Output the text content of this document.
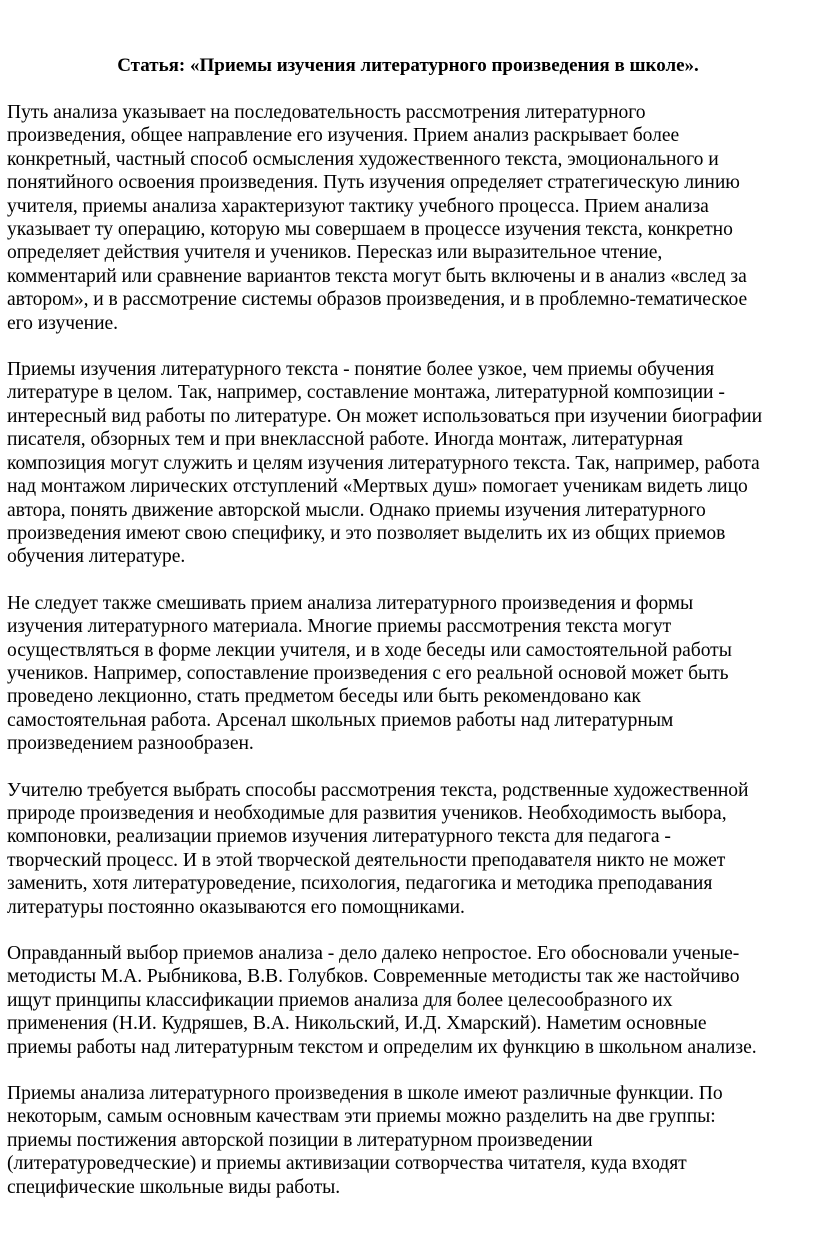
Статья: «Приемы изучения литературного произведения в школе».
Путь анализа указывает на последовательность рассмотрения литературного
произведения, общее направление его изучения. Прием анализ раскрывает более
конкретный, частный способ осмысления художественного текста, эмоционального и
понятийного освоения произведения. Путь изучения определяет стратегическую линию
учителя, приемы анализа характеризуют тактику учебного процесса. Прием анализа
указывает ту операцию, которую мы совершаем в процессе изучения текста, конкретно
определяет действия учителя и учеников. Пересказ или выразительное чтение,
комментарий или сравнение вариантов текста могут быть включены и в анализ «вслед за
автором», и в рассмотрение системы образов произведения, и в проблемно-тематическое
его изучение.
Приемы изучения литературного текста - понятие более узкое, чем приемы обучения
литературе в целом. Так, например, составление монтажа, литературной композиции -
интересный вид работы по литературе. Он может использоваться при изучении биографии
писателя, обзорных тем и при внеклассной работе. Иногда монтаж, литературная
композиция могут служить и целям изучения литературного текста. Так, например, работа
над монтажом лирических отступлений «Мертвых душ» помогает ученикам видеть лицо
автора, понять движение авторской мысли. Однако приемы изучения литературного
произведения имеют свою специфику, и это позволяет выделить их из общих приемов
обучения литературе.
Не следует также смешивать прием анализа литературного произведения и формы
изучения литературного материала. Многие приемы рассмотрения текста могут
осуществляться в форме лекции учителя, и в ходе беседы или самостоятельной работы
учеников. Например, сопоставление произведения с его реальной основой может быть
проведено лекционно, стать предметом беседы или быть рекомендовано как
самостоятельная работа. Арсенал школьных приемов работы над литературным
произведением разнообразен.
Учителю требуется выбрать способы рассмотрения текста, родственные художественной
природе произведения и необходимые для развития учеников. Необходимость выбора,
компоновки, реализации приемов изучения литературного текста для педагога -
творческий процесс. И в этой творческой деятельности преподавателя никто не может
заменить, хотя литературоведение, психология, педагогика и методика преподавания
литературы постоянно оказываются его помощниками.
Оправданный выбор приемов анализа - дело далеко непростое. Его обосновали ученые-
методисты М.А. Рыбникова, В.В. Голубков. Современные методисты так же настойчиво
ищут принципы классификации приемов анализа для более целесообразного их
применения (Н.И. Кудряшев, В.А. Никольский, И.Д. Хмарский). Наметим основные
приемы работы над литературным текстом и определим их функцию в школьном анализе.
Приемы анализа литературного произведения в школе имеют различные функции. По
некоторым, самым основным качествам эти приемы можно разделить на две группы:
приемы постижения авторской позиции в литературном произведении
(литературоведческие) и приемы активизации сотворчества читателя, куда входят
специфические школьные виды работы.
